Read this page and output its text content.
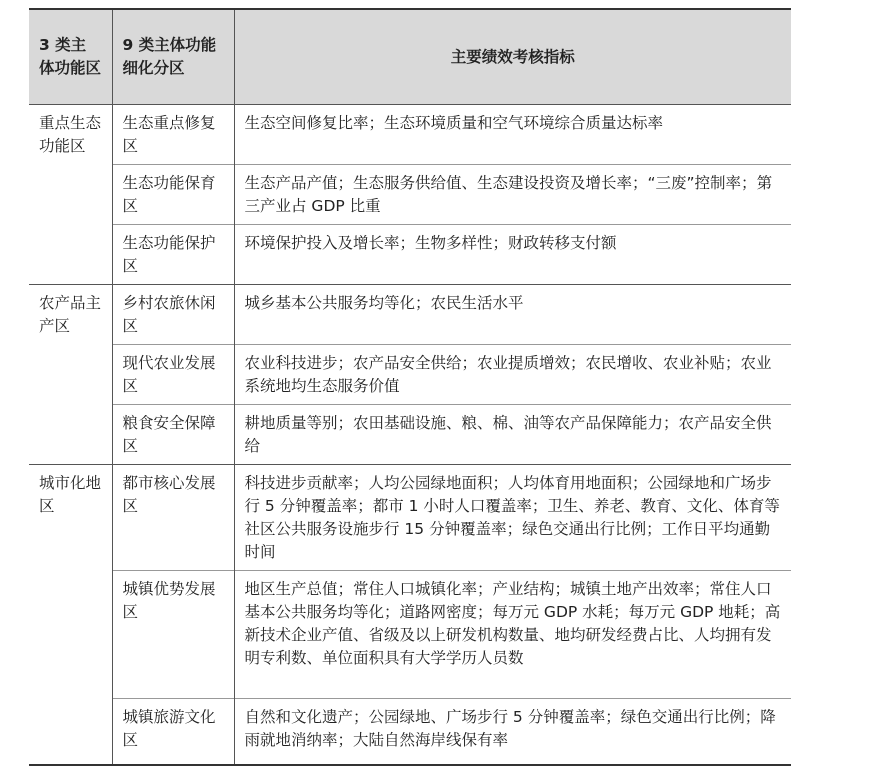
3 类主体功能区	9 类主体功能细化分区	主要绩效考核指标
重点生态功能区	生态重点修复区	生态空间修复比率；生态环境质量和空气环境综合质量达标率
	生态功能保育区	生态产品产值；生态服务供给值、生态建设投资及增长率；“三废”控制率；第三产业占 GDP 比重
	生态功能保护区	环境保护投入及增长率；生物多样性；财政转移支付额
农产品主产区	乡村农旅休闲区	城乡基本公共服务均等化；农民生活水平
	现代农业发展区	农业科技进步；农产品安全供给；农业提质增效；农民增收、农业补贴；农业系统地均生态服务价值
	粮食安全保障区	耕地质量等别；农田基础设施、粮、棉、油等农产品保障能力；农产品安全供给
城市化地区	都市核心发展区	科技进步贡献率；人均公园绿地面积；人均体育用地面积；公园绿地和广场步行 5 分钟覆盖率；都市 1 小时人口覆盖率；卫生、养老、教育、文化、体育等社区公共服务设施步行 15 分钟覆盖率；绿色交通出行比例；工作日平均通勤时间
	城镇优势发展区	地区生产总值；常住人口城镇化率；产业结构；城镇土地产出效率；常住人口基本公共服务均等化；道路网密度；每万元 GDP 水耗；每万元 GDP 地耗；高新技术企业产值、省级及以上研发机构数量、地均研发经费占比、人均拥有发明专利数、单位面积具有大学学历人员数
	城镇旅游文化区	自然和文化遗产；公园绿地、广场步行 5 分钟覆盖率；绿色交通出行比例；降雨就地消纳率；大陆自然海岸线保有率
